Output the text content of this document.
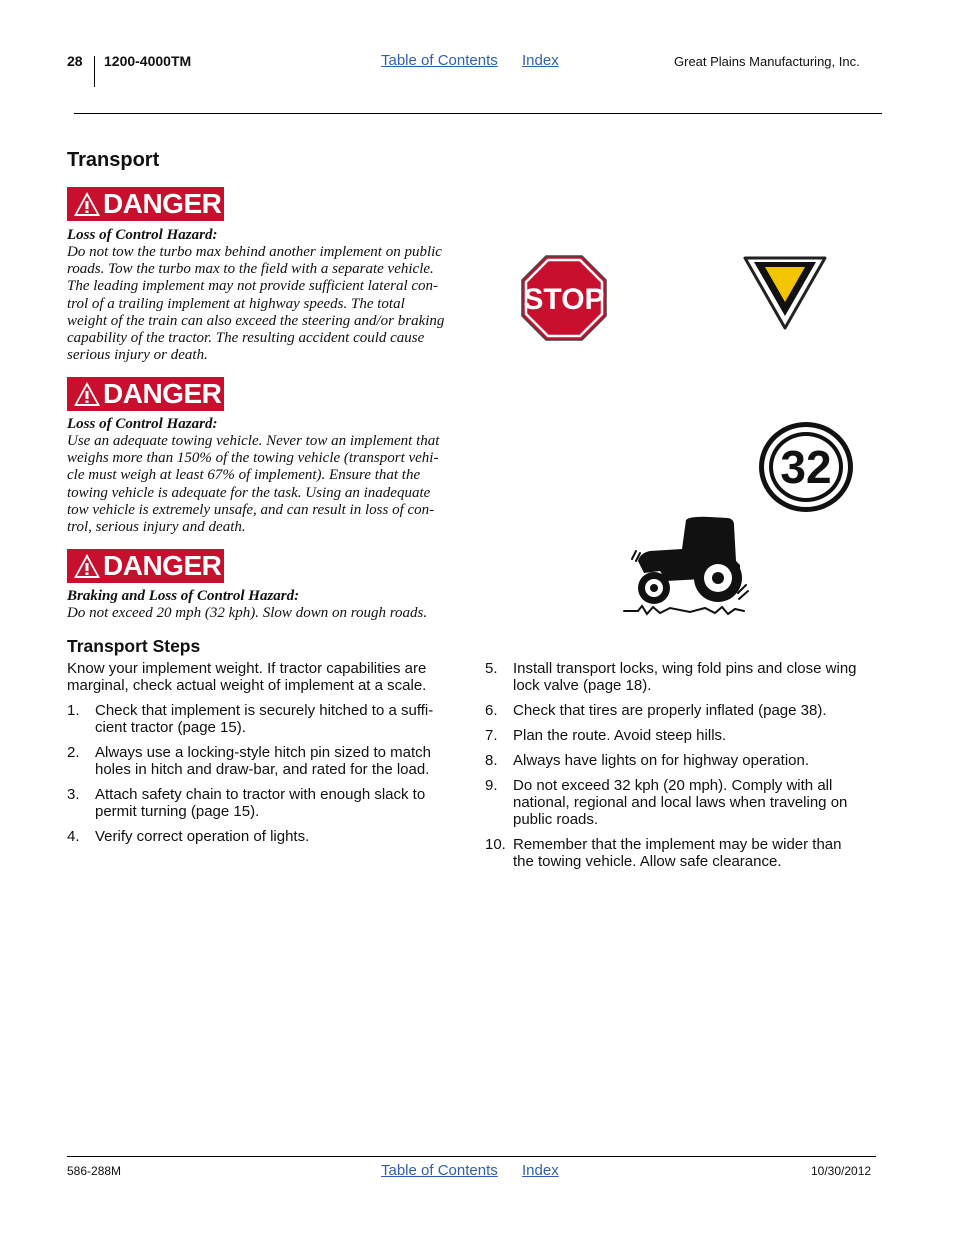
28 1200-4000TM	Table of Contents Index	Great Plains Manufacturing, Inc.
Transport
DANGER
Loss of Control Hazard:
Do not tow the turbo max behind another implement on public
roads. Tow the turbo max to the field with a separate vehicle.
The leading implement may not provide sufficient lateral con-
trol of a trailing implement at highway speeds. The total
weight of the train can also exceed the steering and/or braking
capability of the tractor. The resulting accident could cause
serious injury or death.
DANGER
Loss of Control Hazard:
Use an adequate towing vehicle. Never tow an implement that
weighs more than 150% of the towing vehicle (transport vehi-
cle must weigh at least 67% of implement). Ensure that the
towing vehicle is adequate for the task. Using an inadequate
tow vehicle is extremely unsafe, and can result in loss of con-
trol, serious injury and death.
DANGER
Braking and Loss of Control Hazard:
Do not exceed 20 mph (32 kph). Slow down on rough roads.
STOP
32
Transport Steps
Know your implement weight. If tractor capabilities are
marginal, check actual weight of implement at a scale.
1. Check that implement is securely hitched to a suffi-
cient tractor (page 15).
2. Always use a locking-style hitch pin sized to match
holes in hitch and draw-bar, and rated for the load.
3. Attach safety chain to tractor with enough slack to
permit turning (page 15).
4. Verify correct operation of lights.
5. Install transport locks, wing fold pins and close wing
lock valve (page 18).
6. Check that tires are properly inflated (page 38).
7. Plan the route. Avoid steep hills.
8. Always have lights on for highway operation.
9. Do not exceed 32 kph (20 mph). Comply with all
national, regional and local laws when traveling on
public roads.
10. Remember that the implement may be wider than
the towing vehicle. Allow safe clearance.
586-288M	Table of Contents Index	10/30/2012
